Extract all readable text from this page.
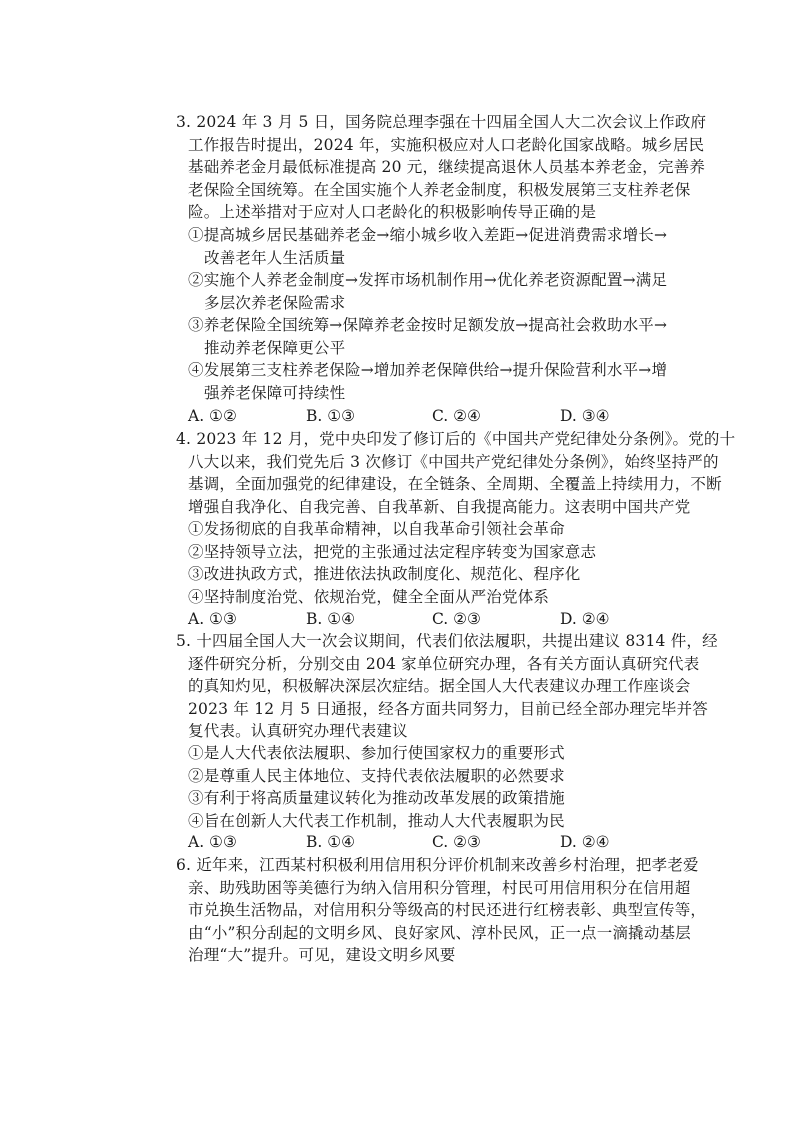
3. 2024 年 3 月 5 日，国务院总理李强在十四届全国人大二次会议上作政府
工作报告时提出，2024 年，实施积极应对人口老龄化国家战略。城乡居民
基础养老金月最低标准提高 20 元，继续提高退休人员基本养老金，完善养
老保险全国统筹。在全国实施个人养老金制度，积极发展第三支柱养老保
险。上述举措对于应对人口老龄化的积极影响传导正确的是
①提高城乡居民基础养老金→缩小城乡收入差距→促进消费需求增长→
改善老年人生活质量
②实施个人养老金制度→发挥市场机制作用→优化养老资源配置→满足
多层次养老保险需求
③养老保险全国统筹→保障养老金按时足额发放→提高社会救助水平→
推动养老保障更公平
④发展第三支柱养老保险→增加养老保障供给→提升保险营利水平→增
强养老保障可持续性
A. ①②	B. ①③	C. ②④	D. ③④
4. 2023 年 12 月，党中央印发了修订后的《中国共产党纪律处分条例》。党的十
八大以来，我们党先后 3 次修订《中国共产党纪律处分条例》，始终坚持严的
基调，全面加强党的纪律建设，在全链条、全周期、全覆盖上持续用力，不断
增强自我净化、自我完善、自我革新、自我提高能力。这表明中国共产党
①发扬彻底的自我革命精神，以自我革命引领社会革命
②坚持领导立法，把党的主张通过法定程序转变为国家意志
③改进执政方式，推进依法执政制度化、规范化、程序化
④坚持制度治党、依规治党，健全全面从严治党体系
A. ①③	B. ①④	C. ②③	D. ②④
5. 十四届全国人大一次会议期间，代表们依法履职，共提出建议 8314 件，经
逐件研究分析，分别交由 204 家单位研究办理，各有关方面认真研究代表
的真知灼见，积极解决深层次症结。据全国人大代表建议办理工作座谈会
2023 年 12 月 5 日通报，经各方面共同努力，目前已经全部办理完毕并答
复代表。认真研究办理代表建议
①是人大代表依法履职、参加行使国家权力的重要形式
②是尊重人民主体地位、支持代表依法履职的必然要求
③有利于将高质量建议转化为推动改革发展的政策措施
④旨在创新人大代表工作机制，推动人大代表履职为民
A. ①③	B. ①④	C. ②③	D. ②④
6. 近年来，江西某村积极利用信用积分评价机制来改善乡村治理，把孝老爱
亲、助残助困等美德行为纳入信用积分管理，村民可用信用积分在信用超
市兑换生活物品，对信用积分等级高的村民还进行红榜表彰、典型宣传等，
由“小”积分刮起的文明乡风、良好家风、淳朴民风，正一点一滴撬动基层
治理“大”提升。可见，建设文明乡风要
